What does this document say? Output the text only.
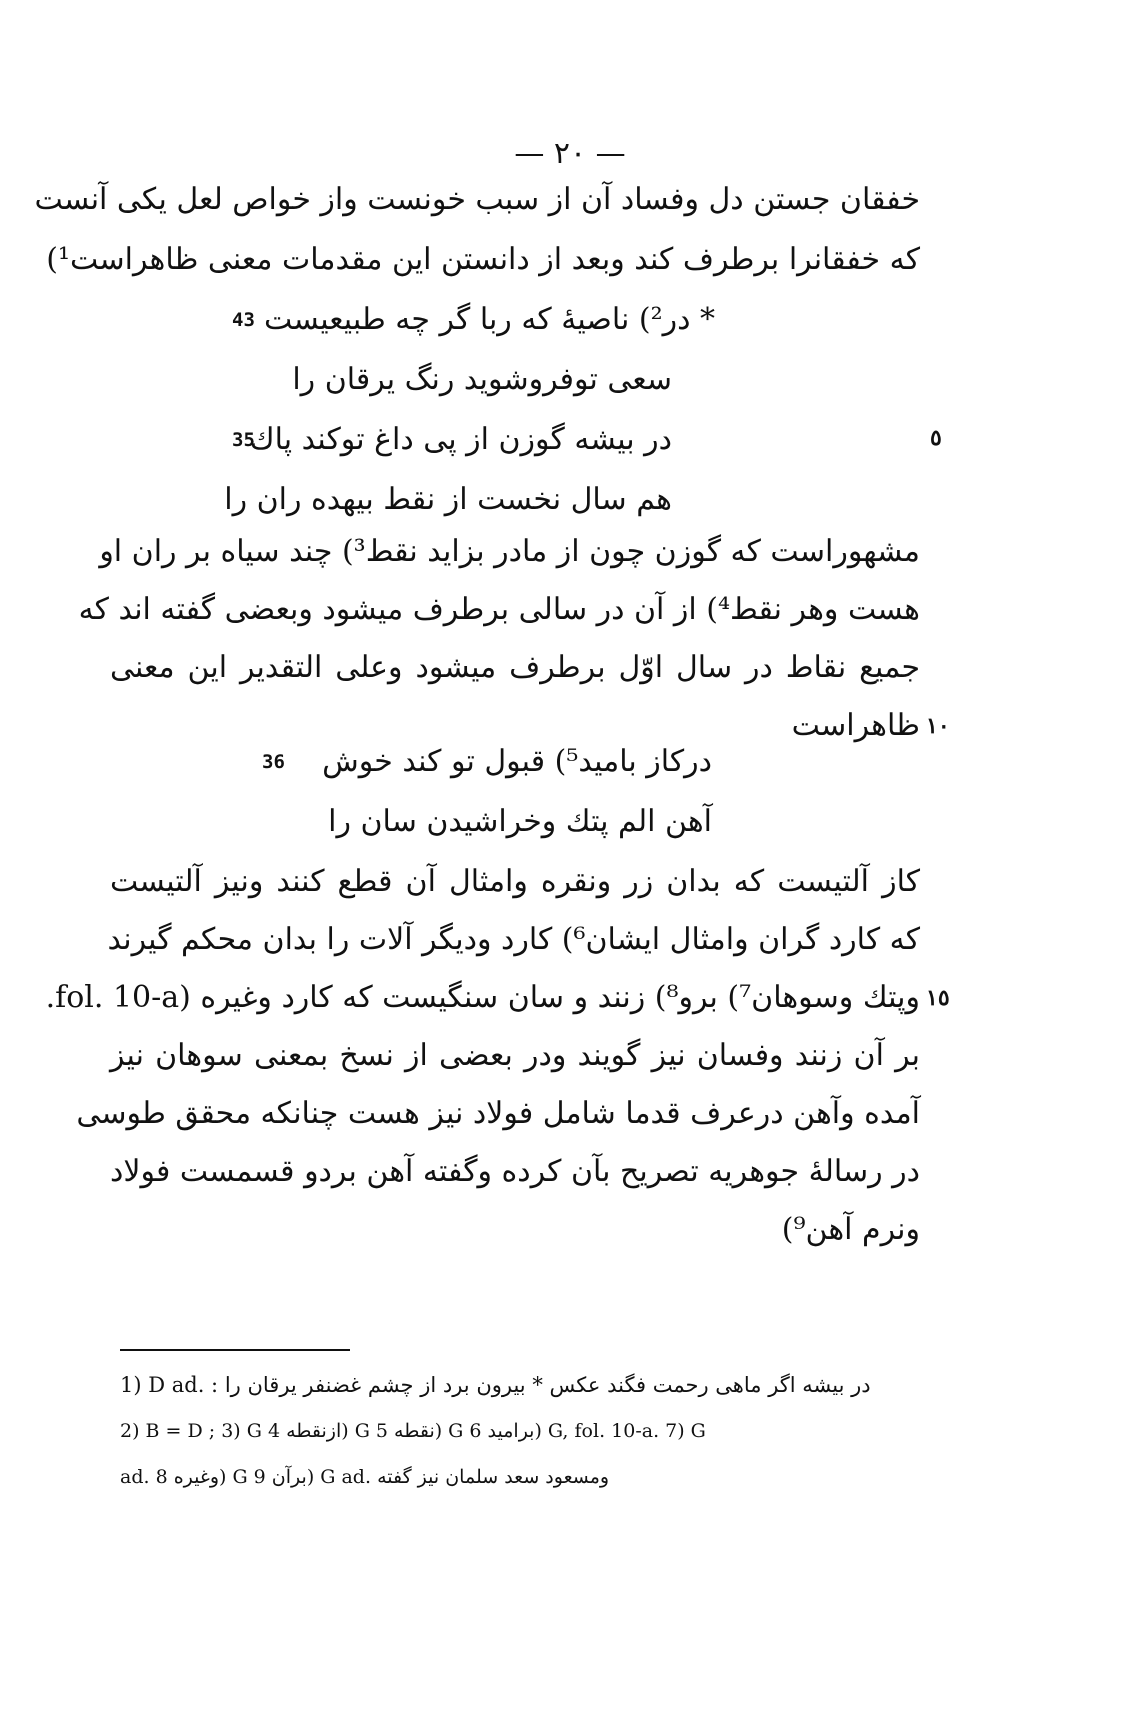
— ۲۰ —
خفقان جستن دل وفساد آن از سبب خونست واز خواص لعل یکی آنست
که خفقانرا برطرف کند وبعد از دانستن این مقدمات معنی ظاهراست¹)
43 * در²) ناصیهٔ که ربا گر چه طبیعیست
سعی توفروشوید رنگ یرقان را
35	٥
در بیشه گوزن از پی داغ توکند پاك
هم سال نخست از نقط بیهده ران را
مشهوراست که گوزن چون از مادر بزاید نقط³) چند سیاه بر ران او
هست وهر نقط⁴) از آن در سالی برطرف میشود وبعضی گفته اند که
جمیع نقاط در سال اوّل برطرف میشود وعلی التقدیر این معنی
ظاهراست ١٠
36 درکاز بامید⁵) قبول تو کند خوش
آهن الم پتك وخراشیدن سان را
كاز آلتیست که بدان زر ونقره وامثال آن قطع کنند ونیز آلتیست
که کارد گران وامثال ایشان⁶) کارد ودیگر آلات را بدان محکم گیرند
وپتك وسوهان⁷) برو⁸) زنند و سان سنگیست که کارد وغیره (fol. 10-a.
بر آن زنند وفسان نیز گویند ودر بعضی از نسخ بمعنی سوهان نیز
آمده وآهن درعرف قدما شامل فولاد نیز هست چنانکه محقق طوسی
در رسالهٔ جوهریه تصریح بآن کرده وگفته آهن بردو قسمست فولاد
ونرم آهن⁹)
١٥
1) D ad. : در بیشه اگر ماهی رحمت فگند عکس * بیرون برد از چشم غضنفر یرقان را
2) B = D ; 3) G ازنقطه 4) G نقطه 5) G برامید 6) G, fol. 10-a. 7) G
ad. وغیره 8) G برآن 9) G ad. ومسعود سعد سلمان نیز گفته
